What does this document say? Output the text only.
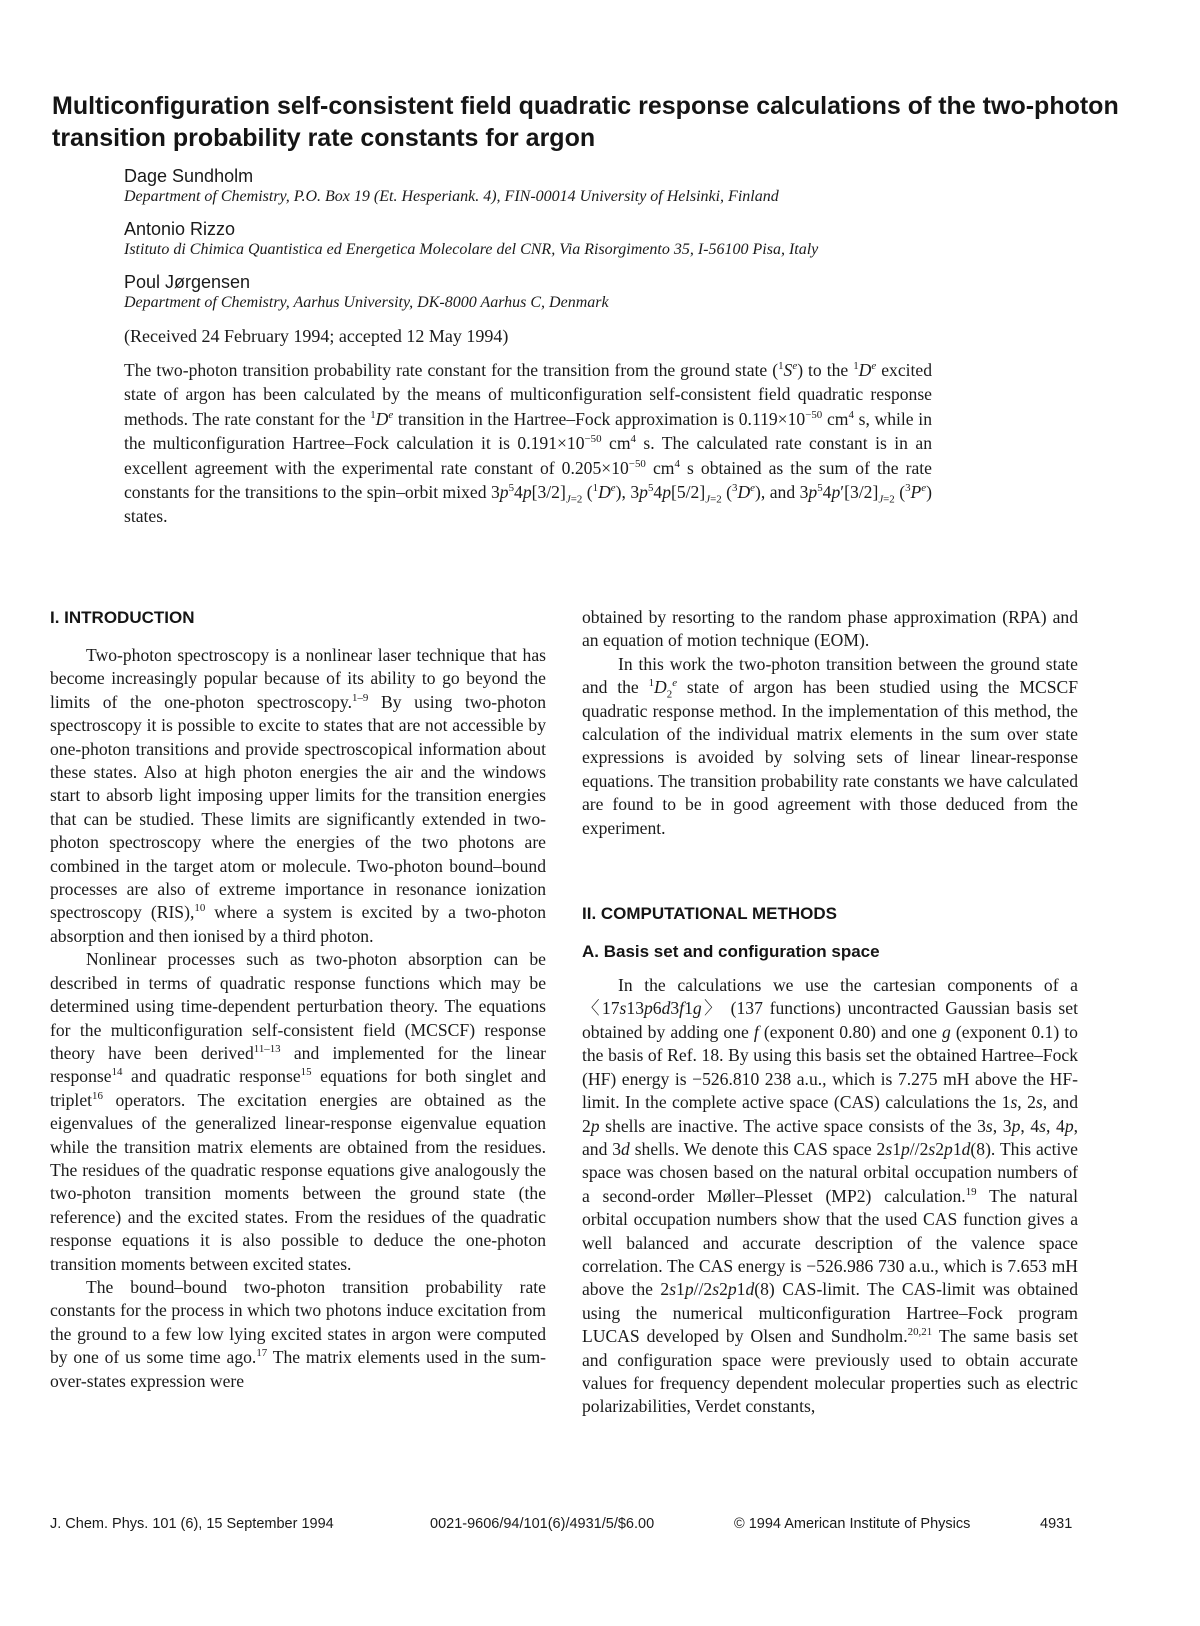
Multiconfiguration self-consistent field quadratic response calculations of the two-photon transition probability rate constants for argon
Dage Sundholm
Department of Chemistry, P.O. Box 19 (Et. Hesperiank. 4), FIN-00014 University of Helsinki, Finland
Antonio Rizzo
Istituto di Chimica Quantistica ed Energetica Molecolare del CNR, Via Risorgimento 35, I-56100 Pisa, Italy
Poul Jørgensen
Department of Chemistry, Aarhus University, DK-8000 Aarhus C, Denmark
(Received 24 February 1994; accepted 12 May 1994)
The two-photon transition probability rate constant for the transition from the ground state $(^1S^e)$ to the $^1$De excited state of argon has been calculated by the means of multiconfiguration self-consistent field quadratic response methods. The rate constant for the $^1$De transition in the Hartree–Fock approximation is $0.119\times 10^{-50}$ $cm^4$ s, while in the multiconfiguration Hartree–Fock calculation it is $0.191\times 10^{-50}$ $cm^4$ s. The calculated rate constant is in an excellent agreement with the experimental rate constant of $0.205\times 10^{-50}$ $cm^4$ s obtained as the sum of the rate constants for the transitions to the spin–orbit mixed $3p^54p[3/2]_{J=2}$ ($^1$De), $3p^54p[5/2]_{J=2}$ ($^3$De), and $3p^54p'[3/2]_{J=2}$ $(^3P^e)$ states.
I. INTRODUCTION

Two-photon spectroscopy is a nonlinear laser technique that has become increasingly popular because of its ability to go beyond the limits of the one-photon spectroscopy.$^{1-9}$ By using two-photon spectroscopy it is possible to excite to states that are not accessible by one-photon transitions and provide spectroscopical information about these states. Also at high photon energies the air and the windows start to absorb light imposing upper limits for the transition energies that can be studied. These limits are significantly extended in two-photon spectroscopy where the energies of the two photons are combined in the target atom or molecule. Two-photon bound–bound processes are also of extreme importance in resonance ionization spectroscopy (RIS),$^{10}$ where a system is excited by a two-photon absorption and then ionised by a third photon.

Nonlinear processes such as two-photon absorption can be described in terms of quadratic response functions which may be determined using time-dependent perturbation theory. The equations for the multiconfiguration self-consistent field (MCSCF) response theory have been derived$^{11-13}$ and implemented for the linear response$^{14}$ and quadratic response$^{15}$ equations for both singlet and triplet$^{16}$ operators. The excitation energies are obtained as the eigenvalues of the generalized linear-response eigenvalue equation while the transition matrix elements are obtained from the residues. The residues of the quadratic response equations give analogously the two-photon transition moments between the ground state (the reference) and the excited states. From the residues of the quadratic response equations it is also possible to deduce the one-photon transition moments between excited states.

The bound–bound two-photon transition probability rate constants for the process in which two photons induce excitation from the ground to a few low lying excited states in argon were computed by one of us some time ago.$^{17}$ The matrix elements used in the sum-over-states expression were

obtained by resorting to the random phase approximation (RPA) and an equation of motion technique (EOM).

In this work the two-photon transition between the ground state and the $^1D_2^e$ state of argon has been studied using the MCSCF quadratic response method. In the implementation of this method, the calculation of the individual matrix elements in the sum over state expressions is avoided by solving sets of linear linear-response equations. The transition probability rate constants we have calculated are found to be in good agreement with those deduced from the experiment.

II. COMPUTATIONAL METHODS
A. Basis set and configuration space

In the calculations we use the cartesian components of a 〈17s13p6d3f1g〉 (137 functions) uncontracted Gaussian basis set obtained by adding one f (exponent 0.80) and one g (exponent 0.1) to the basis of Ref. 18. By using this basis set the obtained Hartree–Fock (HF) energy is −526.810 238 a.u., which is 7.275 mH above the HF-limit. In the complete active space (CAS) calculations the 1s, 2s, and 2p shells are inactive. The active space consists of the 3s, 3p, 4s, 4p, and 3d shells. We denote this CAS space 2s1p//2s2p1d(8). This active space was chosen based on the natural orbital occupation numbers of a second-order Møller–Plesset (MP2) calculation.$^{19}$ The natural orbital occupation numbers show that the used CAS function gives a well balanced and accurate description of the valence space correlation. The CAS energy is −526.986 730 a.u., which is 7.653 mH above the 2s1p//2s2p1d(8) CAS-limit. The CAS-limit was obtained using the numerical multiconfiguration Hartree–Fock program LUCAS developed by Olsen and Sundholm.$^{20,21}$ The same basis set and configuration space were previously used to obtain accurate values for frequency dependent molecular properties such as electric polarizabilities, Verdet constants,

J. Chem. Phys. 101 (6), 15 September 1994	0021-9606/94/101(6)/4931/5/$6.00	© 1994 American Institute of Physics	4931
